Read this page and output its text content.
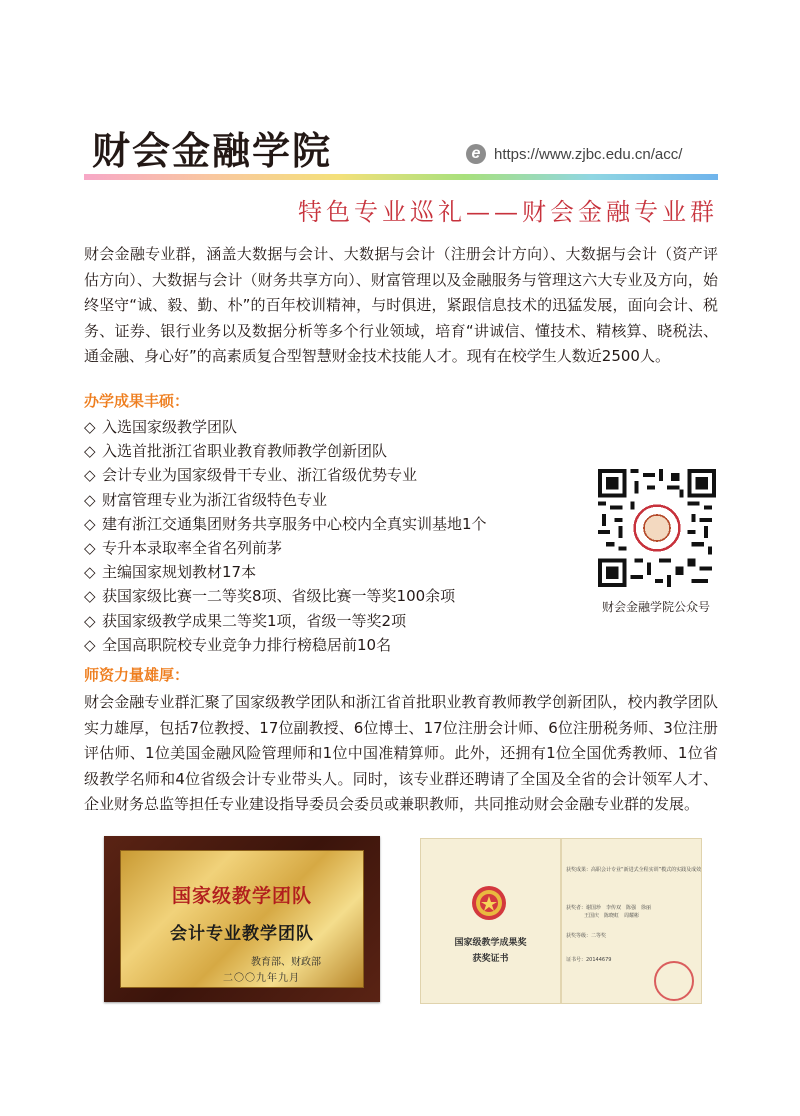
财会金融学院	e https://www.zjbc.edu.cn/acc/
特色专业巡礼——财会金融专业群

财会金融专业群，涵盖大数据与会计、大数据与会计（注册会计方向）、大数据与会计（资产评估方向）、大数据与会计（财务共享方向）、财富管理以及金融服务与管理这六大专业及方向，始终坚守“诚、毅、勤、朴”的百年校训精神，与时俱进，紧跟信息技术的迅猛发展，面向会计、税务、证券、银行业务以及数据分析等多个行业领域，培育“讲诚信、懂技术、精核算、晓税法、通金融、身心好”的高素质复合型智慧财金技术技能人才。现有在校学生人数近2500人。

办学成果丰硕：
◇ 入选国家级教学团队
◇ 入选首批浙江省职业教育教师教学创新团队
◇ 会计专业为国家级骨干专业、浙江省级优势专业
◇ 财富管理专业为浙江省级特色专业
◇ 建有浙江交通集团财务共享服务中心校内全真实训基地1个
◇ 专升本录取率全省名列前茅
◇ 主编国家规划教材17本
◇ 获国家级比赛一二等奖8项、省级比赛一等奖100余项
◇ 获国家级教学成果二等奖1项，省级一等奖2项
◇ 全国高职院校专业竞争力排行榜稳居前10名
财会金融学院公众号
师资力量雄厚：

财会金融专业群汇聚了国家级教学团队和浙江省首批职业教育教师教学创新团队，校内教学团队实力雄厚，包括7位教授、17位副教授、6位博士、17位注册会计师、6位注册税务师、3位注册评估师、1位美国金融风险管理师和1位中国准精算师。此外，还拥有1位全国优秀教师、1位省级教学名师和4位省级会计专业带头人。同时，该专业群还聘请了全国及全省的会计领军人才、企业财务总监等担任专业建设指导委员会委员或兼职教师，共同推动财会金融专业群的发展。

国家级教学团队
会计专业教学团队
教育部、财政部
二〇〇九年九月
国家级教学成果奖
获奖证书
获奖成果：高职会计专业“新进式全程实训”模式的实践及成效
获奖者：谢国珍　李传双　陈强　徐丽
王国庆　陈晓虹　周耀彬
获奖等级：二等奖
证书号：20144679
